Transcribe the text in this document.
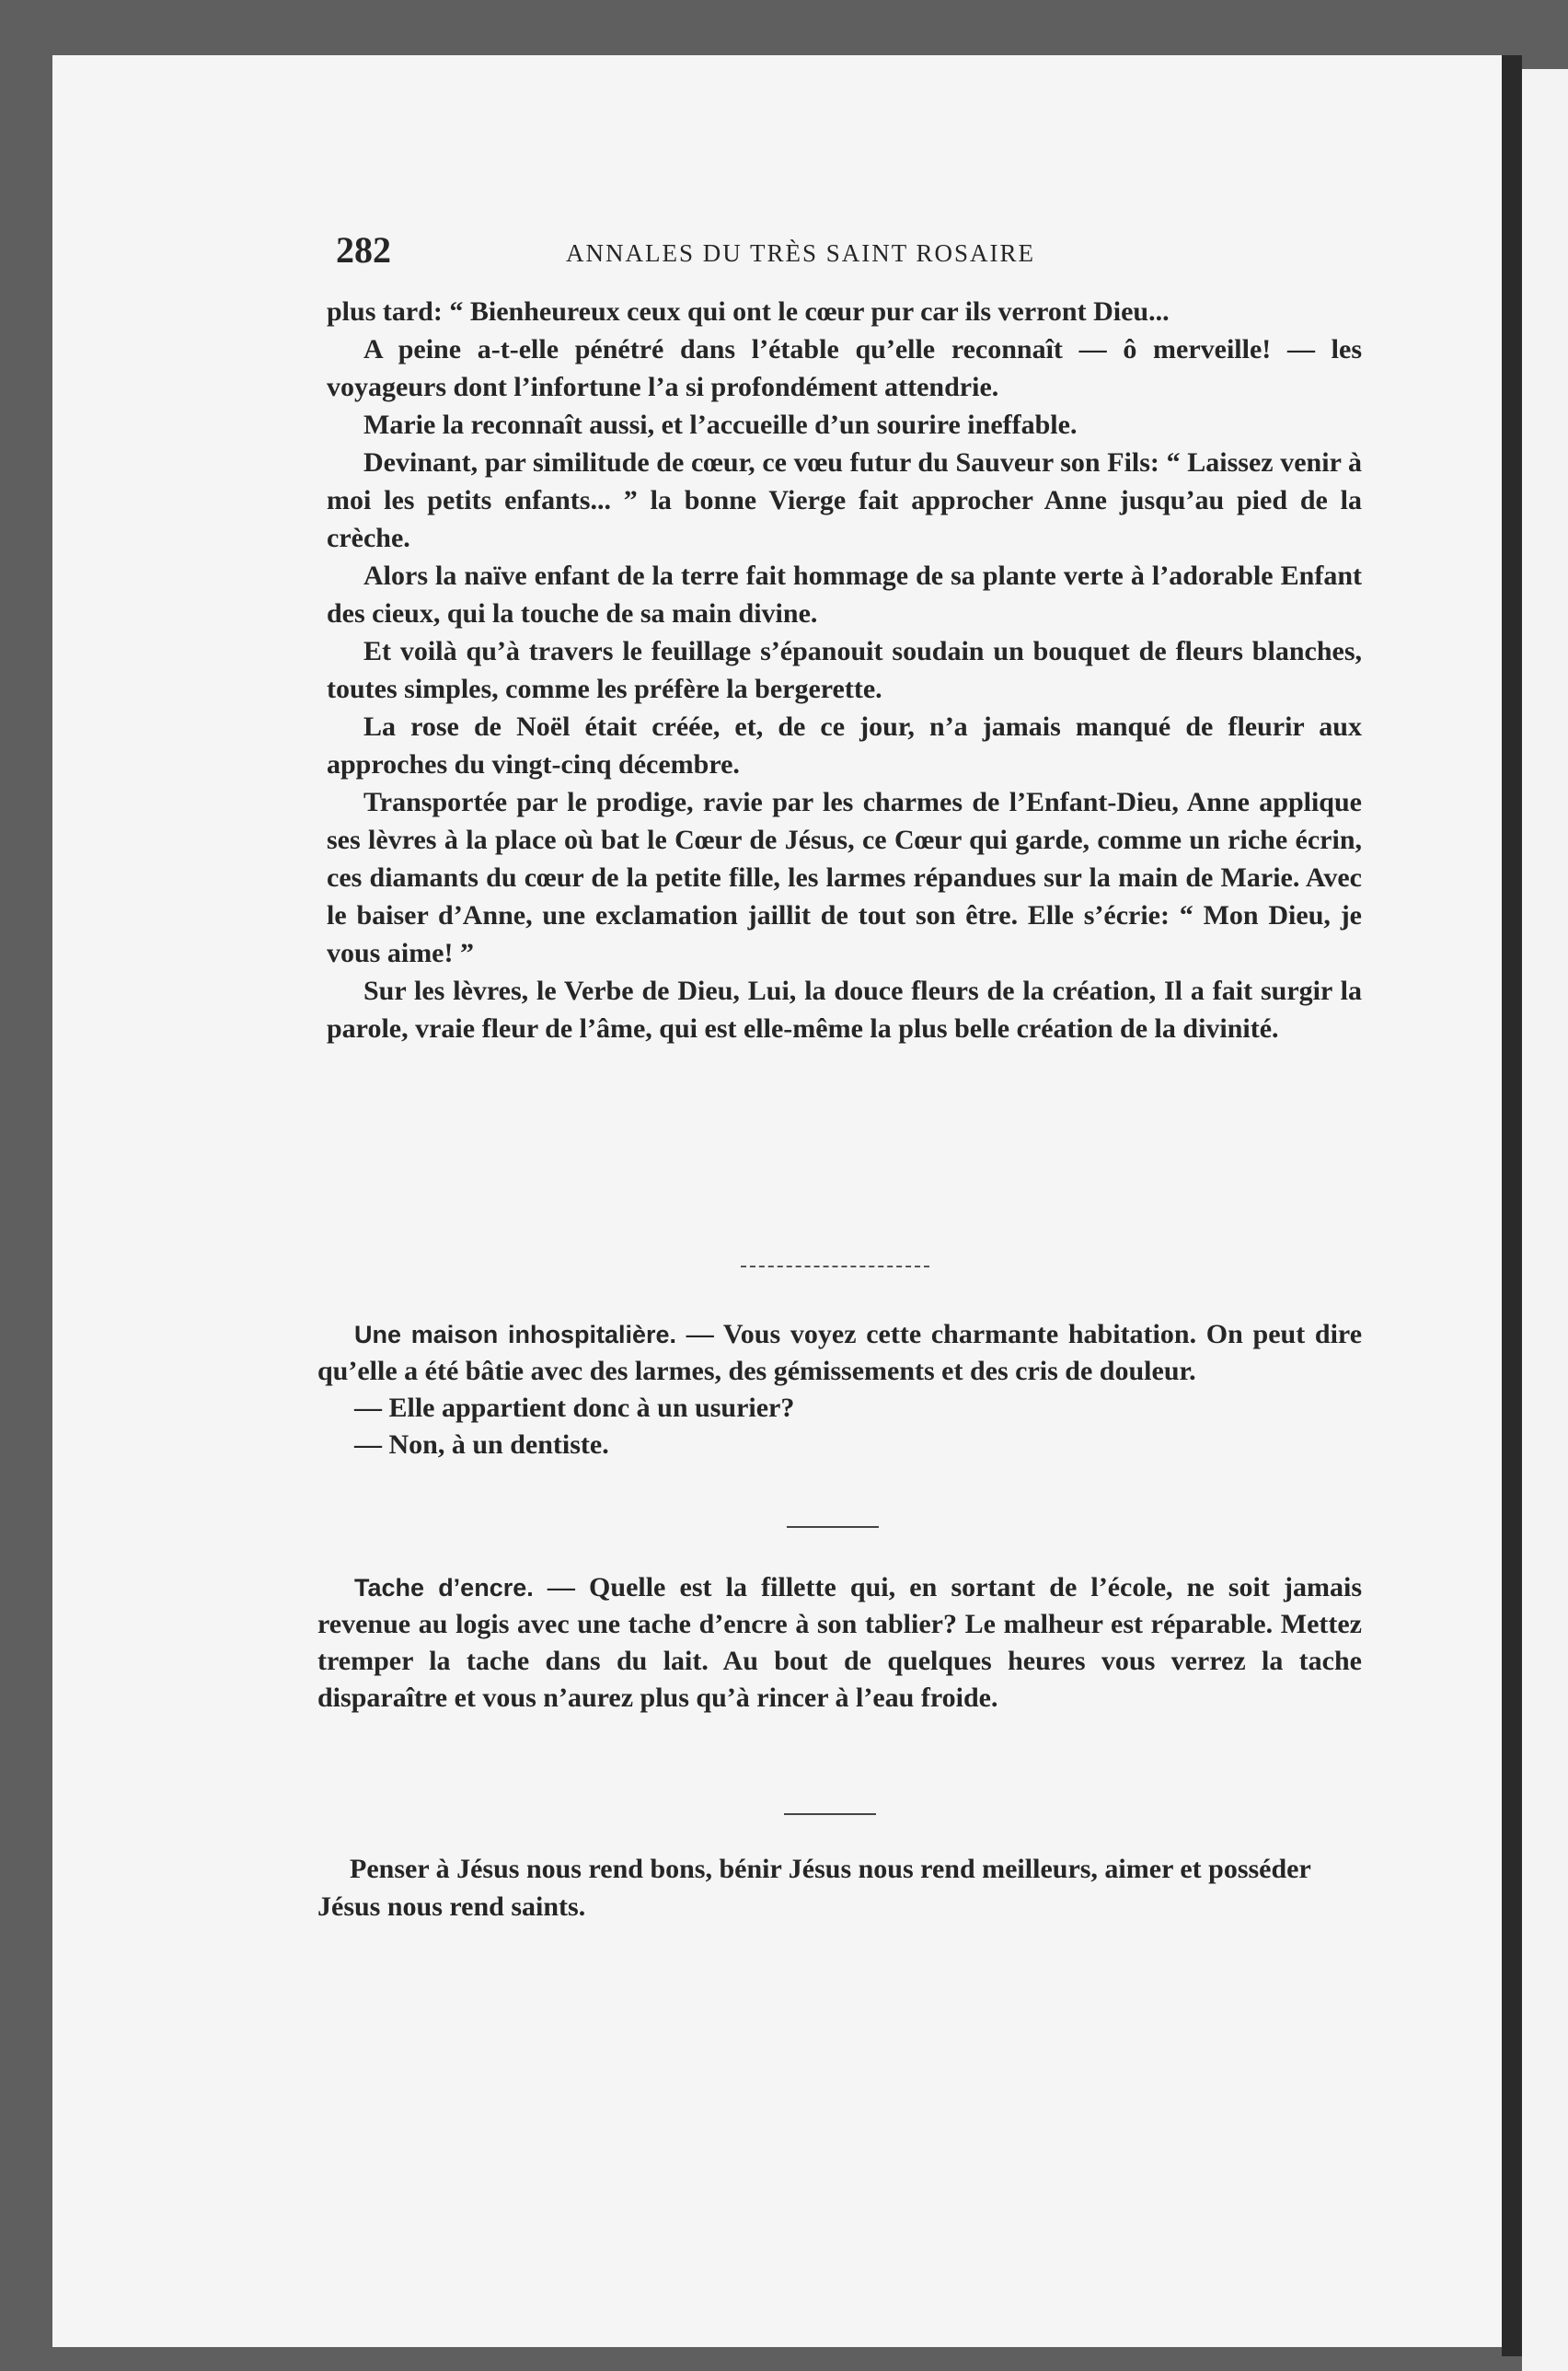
282	ANNALES DU TRÈS SAINT ROSAIRE

plus tard: “ Bienheureux ceux qui ont le cœur pur car ils verront Dieu...

A peine a-t-elle pénétré dans l’étable qu’elle reconnaît — ô merveille! — les voyageurs dont l’infortune l’a si profondément attendrie.

Marie la reconnaît aussi, et l’accueille d’un sourire ineffable.

Devinant, par similitude de cœur, ce vœu futur du Sauveur son Fils: “ Laissez venir à moi les petits enfants... ” la bonne Vierge fait approcher Anne jusqu’au pied de la crèche.

Alors la naïve enfant de la terre fait hommage de sa plante verte à l’adorable Enfant des cieux, qui la touche de sa main divine.

Et voilà qu’à travers le feuillage s’épanouit soudain un bouquet de fleurs blanches, toutes simples, comme les préfère la bergerette.

La rose de Noël était créée, et, de ce jour, n’a jamais manqué de fleurir aux approches du vingt-cinq décembre.

Transportée par le prodige, ravie par les charmes de l’Enfant-Dieu, Anne applique ses lèvres à la place où bat le Cœur de Jésus, ce Cœur qui garde, comme un riche écrin, ces diamants du cœur de la petite fille, les larmes répandues sur la main de Marie. Avec le baiser d’Anne, une exclamation jaillit de tout son être. Elle s’écrie: “ Mon Dieu, je vous aime! ”

Sur les lèvres, le Verbe de Dieu, Lui, la douce fleurs de la création, Il a fait surgir la parole, vraie fleur de l’âme, qui est elle-même la plus belle création de la divinité.

Une maison inhospitalière. — Vous voyez cette charmante habitation. On peut dire qu’elle a été bâtie avec des larmes, des gémissements et des cris de douleur.

— Elle appartient donc à un usurier?

— Non, à un dentiste.

Tache d’encre. — Quelle est la fillette qui, en sortant de l’école, ne soit jamais revenue au logis avec une tache d’encre à son tablier? Le malheur est réparable. Mettez tremper la tache dans du lait. Au bout de quelques heures vous verrez la tache disparaître et vous n’aurez plus qu’à rincer à l’eau froide.

Penser à Jésus nous rend bons, bénir Jésus nous rend meilleurs, aimer et posséder Jésus nous rend saints.
